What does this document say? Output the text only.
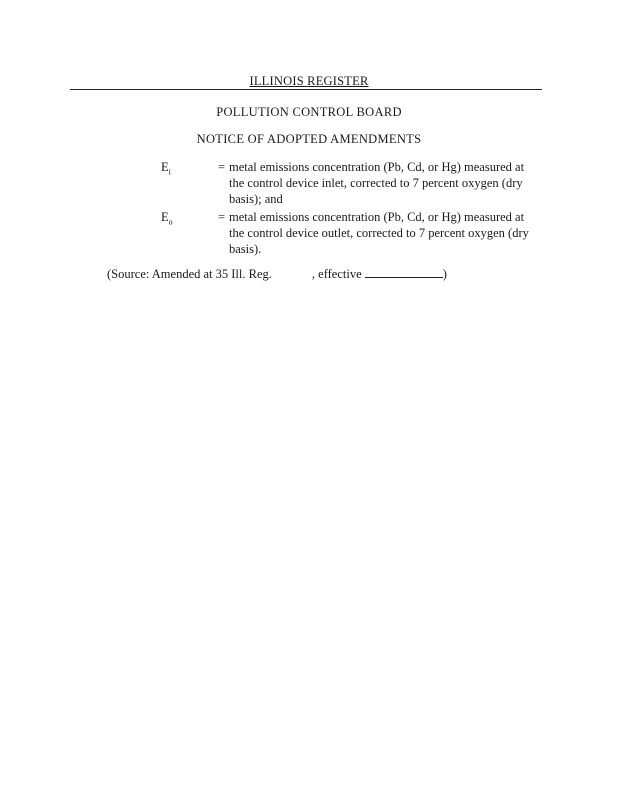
ILLINOIS REGISTER
POLLUTION CONTROL BOARD
NOTICE OF ADOPTED AMENDMENTS
$E_i$	= metal emissions concentration (Pb, Cd, or Hg) measured at the control device inlet, corrected to 7 percent oxygen (dry basis); and
$E_o$	= metal emissions concentration (Pb, Cd, or Hg) measured at the control device outlet, corrected to 7 percent oxygen (dry basis).
(Source: Amended at 35 Ill. Reg.	, effective	)
